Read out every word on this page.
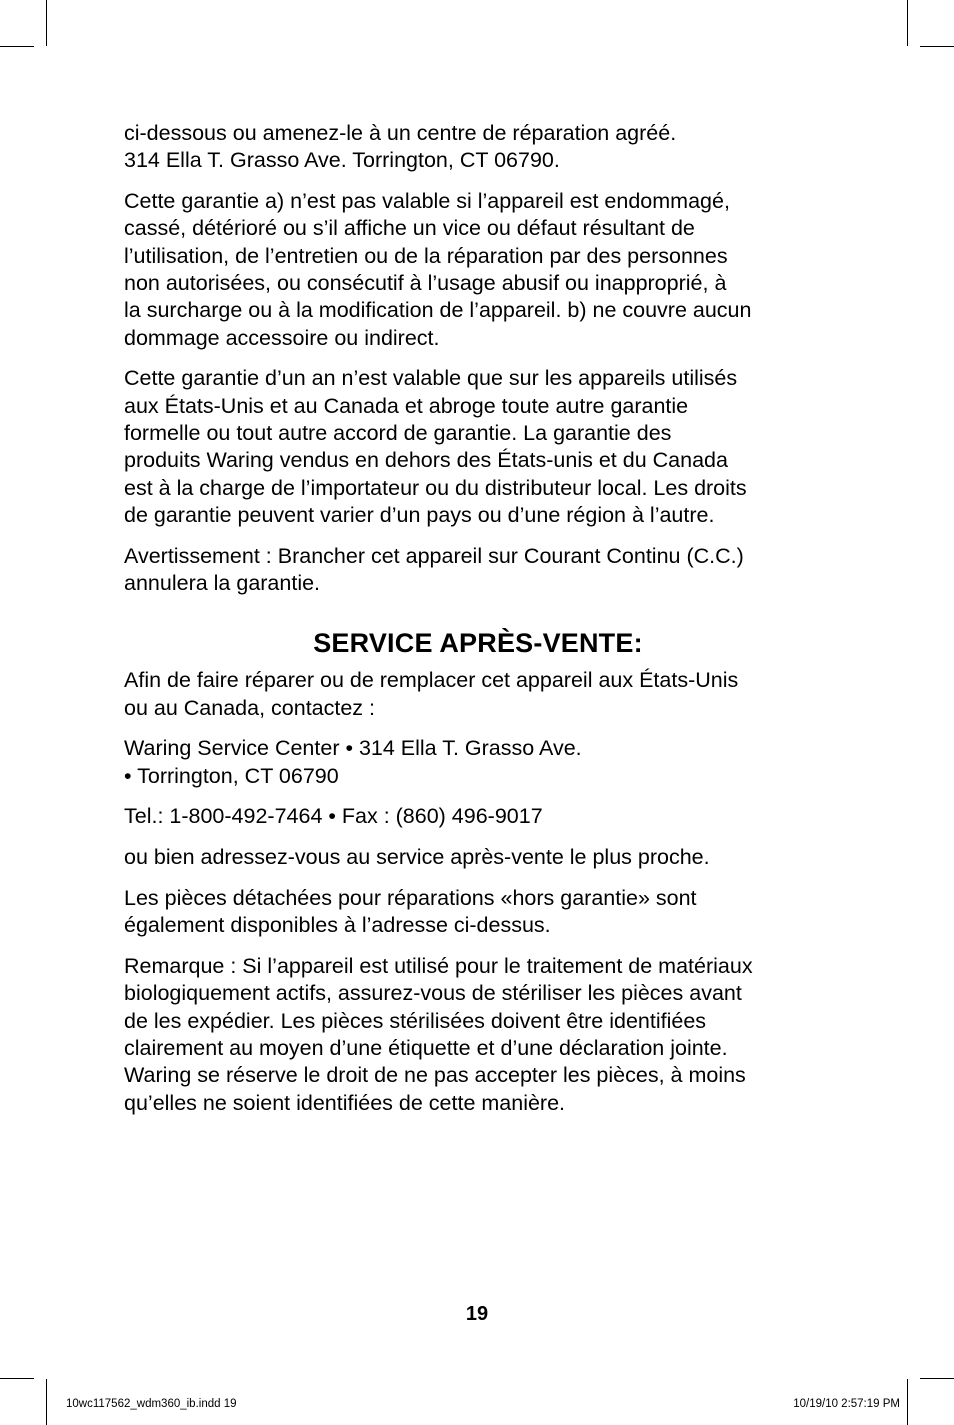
ci-dessous ou amenez-le à un centre de réparation agréé.
314 Ella T. Grasso Ave. Torrington, CT 06790.

Cette garantie a) n’est pas valable si l’appareil est endommagé,
cassé, détérioré ou s’il affiche un vice ou défaut résultant de
l’utilisation, de l’entretien ou de la réparation par des personnes
non autorisées, ou consécutif à l’usage abusif ou inapproprié, à
la surcharge ou à la modification de l’appareil. b) ne couvre aucun
dommage accessoire ou indirect.

Cette garantie d’un an n’est valable que sur les appareils utilisés
aux États-Unis et au Canada et abroge toute autre garantie
formelle ou tout autre accord de garantie. La garantie des
produits Waring vendus en dehors des États-unis et du Canada
est à la charge de l’importateur ou du distributeur local. Les droits
de garantie peuvent varier d’un pays ou d’une région à l’autre.

Avertissement : Brancher cet appareil sur Courant Continu (C.C.)
annulera la garantie.

SERVICE APRÈS-VENTE:

Afin de faire réparer ou de remplacer cet appareil aux États-Unis
ou au Canada, contactez :

Waring Service Center • 314 Ella T. Grasso Ave.
• Torrington, CT 06790

Tel.: 1-800-492-7464 • Fax : (860) 496-9017

ou bien adressez-vous au service après-vente le plus proche.

Les pièces détachées pour réparations «hors garantie» sont
également disponibles à l’adresse ci-dessus.

Remarque : Si l’appareil est utilisé pour le traitement de matériaux
biologiquement actifs, assurez-vous de stériliser les pièces avant
de les expédier. Les pièces stérilisées doivent être identifiées
clairement au moyen d’une étiquette et d’une déclaration jointe.
Waring se réserve le droit de ne pas accepter les pièces, à moins
qu’elles ne soient identifiées de cette manière.

19
10wc117562_wdm360_ib.indd 19	10/19/10 2:57:19 PM
